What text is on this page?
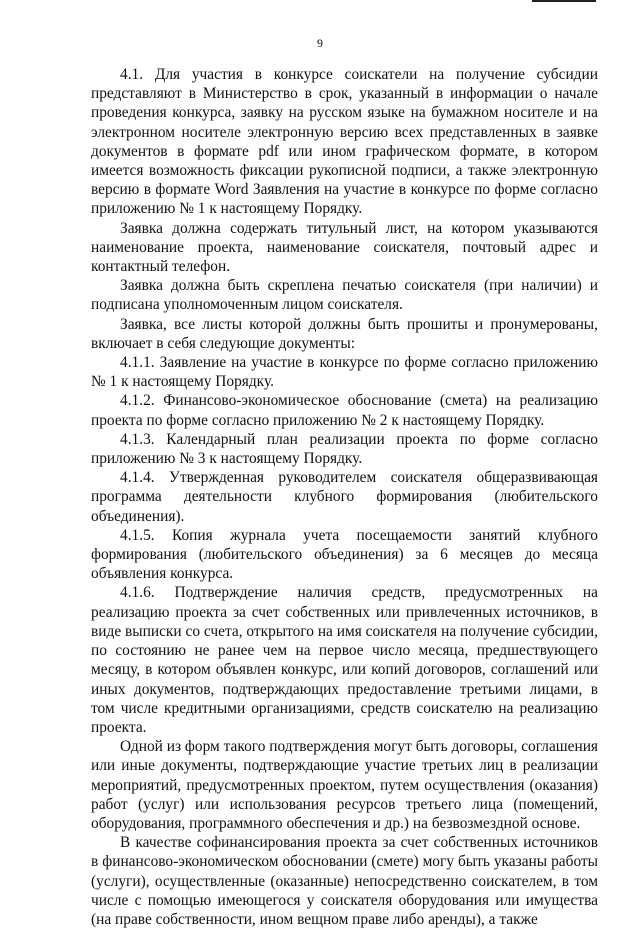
9

4.1. Для участия в конкурсе соискатели на получение субсидии представляют в Министерство в срок, указанный в информации о начале проведения конкурса, заявку на русском языке на бумажном носителе и на электронном носителе электронную версию всех представленных в заявке документов в формате pdf или ином графическом формате, в котором имеется возможность фиксации рукописной подписи, а также электронную версию в формате Word Заявления на участие в конкурсе по форме согласно приложению № 1 к настоящему Порядку.

Заявка должна содержать титульный лист, на котором указываются наименование проекта, наименование соискателя, почтовый адрес и контактный телефон.

Заявка должна быть скреплена печатью соискателя (при наличии) и подписана уполномоченным лицом соискателя.

Заявка, все листы которой должны быть прошиты и пронумерованы, включает в себя следующие документы:

4.1.1. Заявление на участие в конкурсе по форме согласно приложению № 1 к настоящему Порядку.

4.1.2. Финансово-экономическое обоснование (смета) на реализацию проекта по форме согласно приложению № 2 к настоящему Порядку.

4.1.3. Календарный план реализации проекта по форме согласно приложению № 3 к настоящему Порядку.

4.1.4. Утвержденная руководителем соискателя общеразвивающая программа деятельности клубного формирования (любительского объединения).

4.1.5. Копия журнала учета посещаемости занятий клубного формирования (любительского объединения) за 6 месяцев до месяца объявления конкурса.

4.1.6. Подтверждение наличия средств, предусмотренных на реализацию проекта за счет собственных или привлеченных источников, в виде выписки со счета, открытого на имя соискателя на получение субсидии, по состоянию не ранее чем на первое число месяца, предшествующего месяцу, в котором объявлен конкурс, или копий договоров, соглашений или иных документов, подтверждающих предоставление третьими лицами, в том числе кредитными организациями, средств соискателю на реализацию проекта.

Одной из форм такого подтверждения могут быть договоры, соглашения или иные документы, подтверждающие участие третьих лиц в реализации мероприятий, предусмотренных проектом, путем осуществления (оказания) работ (услуг) или использования ресурсов третьего лица (помещений, оборудования, программного обеспечения и др.) на безвозмездной основе.

В качестве софинансирования проекта за счет собственных источников в финансово-экономическом обосновании (смете) могу быть указаны работы (услуги), осуществленные (оказанные) непосредственно соискателем, в том числе с помощью имеющегося у соискателя оборудования или имущества (на праве собственности, ином вещном праве либо аренды), а также
